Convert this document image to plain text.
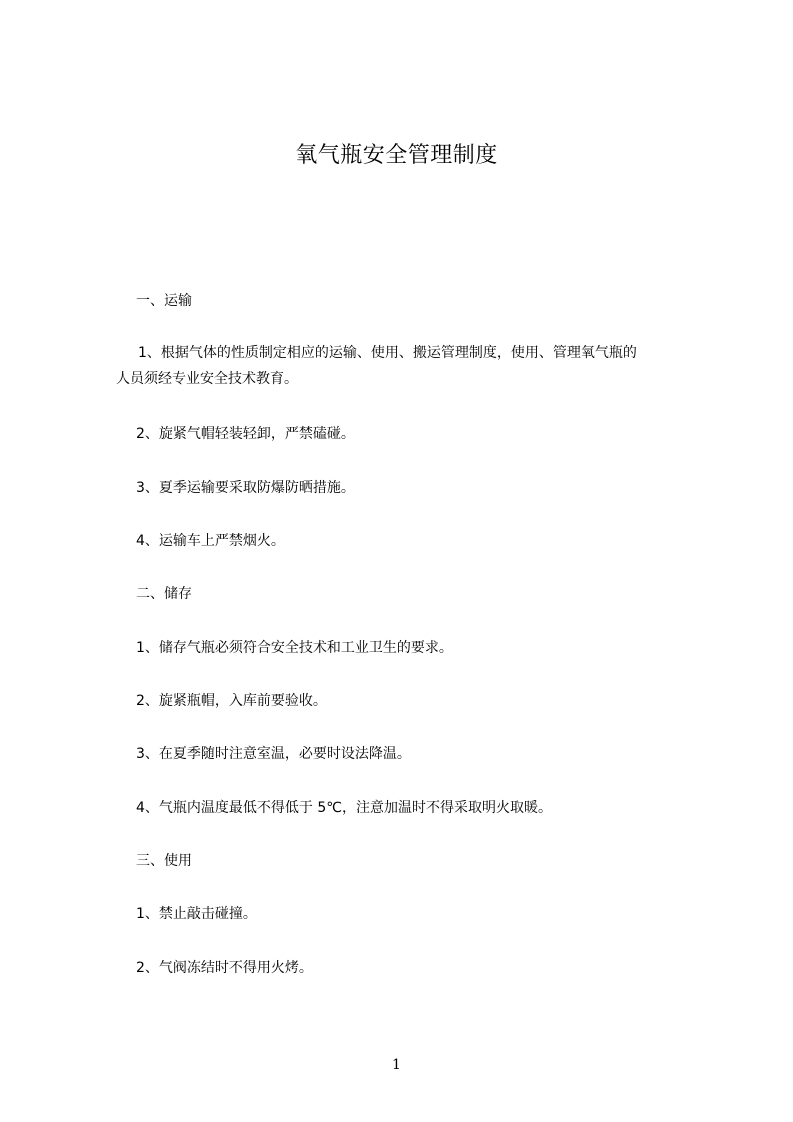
氧气瓶安全管理制度
一、运输
1、根据气体的性质制定相应的运输、使用、搬运管理制度，使用、管理氧气瓶的
人员须经专业安全技术教育。
2、旋紧气帽轻装轻卸，严禁磕碰。
3、夏季运输要采取防爆防晒措施。
4、运输车上严禁烟火。
二、储存
1、储存气瓶必须符合安全技术和工业卫生的要求。
2、旋紧瓶帽，入库前要验收。
3、在夏季随时注意室温，必要时设法降温。
4、气瓶内温度最低不得低于 5℃，注意加温时不得采取明火取暖。
三、使用
1、禁止敲击碰撞。
2、气阀冻结时不得用火烤。
1
